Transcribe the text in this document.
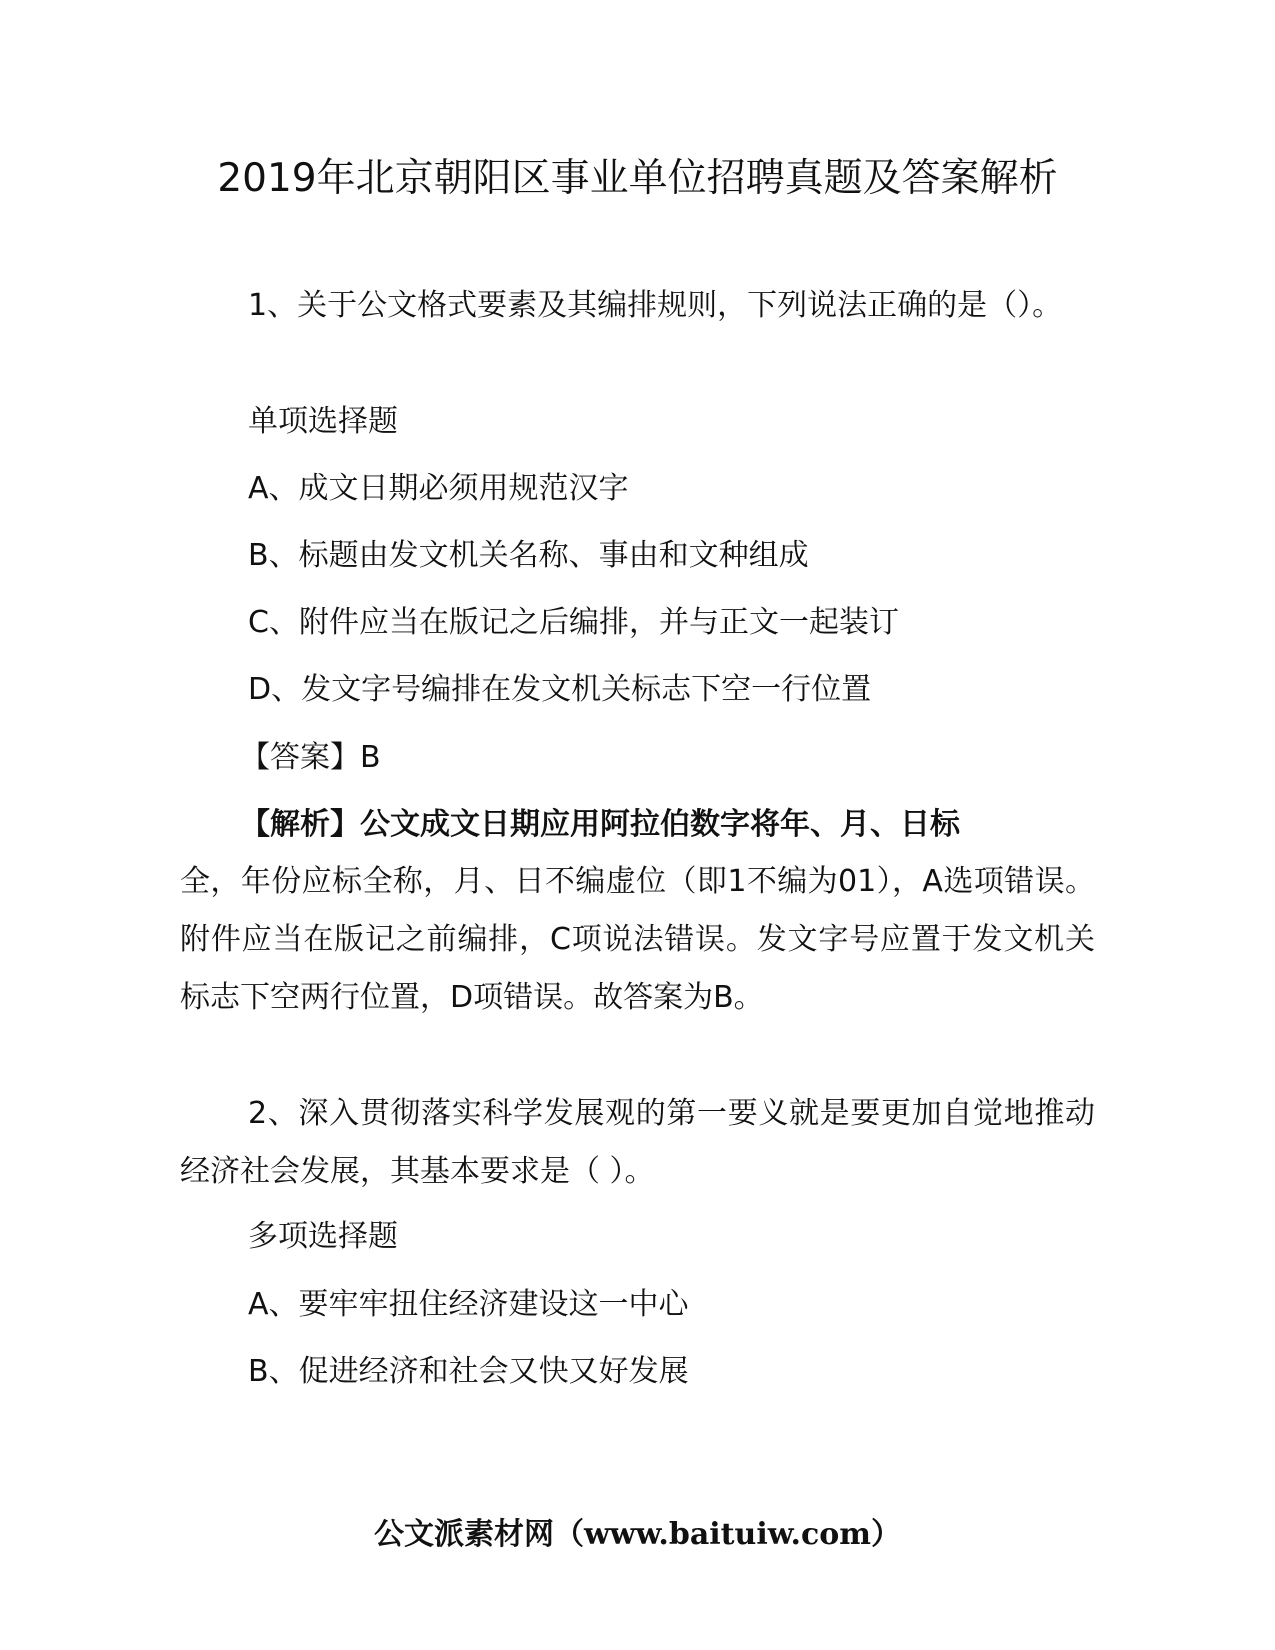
2019年北京朝阳区事业单位招聘真题及答案解析

1、关于公文格式要素及其编排规则，下列说法正确的是（）。

单项选择题
A、成文日期必须用规范汉字
B、标题由发文机关名称、事由和文种组成
C、附件应当在版记之后编排，并与正文一起装订
D、发文字号编排在发文机关标志下空一行位置
【答案】B
【解析】公文成文日期应用阿拉伯数字将年、月、日标

全，年份应标全称，月、日不编虚位（即1不编为01），A选项错误。附件应当在版记之前编排，C项说法错误。发文字号应置于发文机关标志下空两行位置，D项错误。故答案为B。

2、深入贯彻落实科学发展观的第一要义就是要更加自觉地推动经济社会发展，其基本要求是（ ）。

多项选择题
A、要牢牢扭住经济建设这一中心
B、促进经济和社会又快又好发展
公文派素材网（www.baituiw.com）
